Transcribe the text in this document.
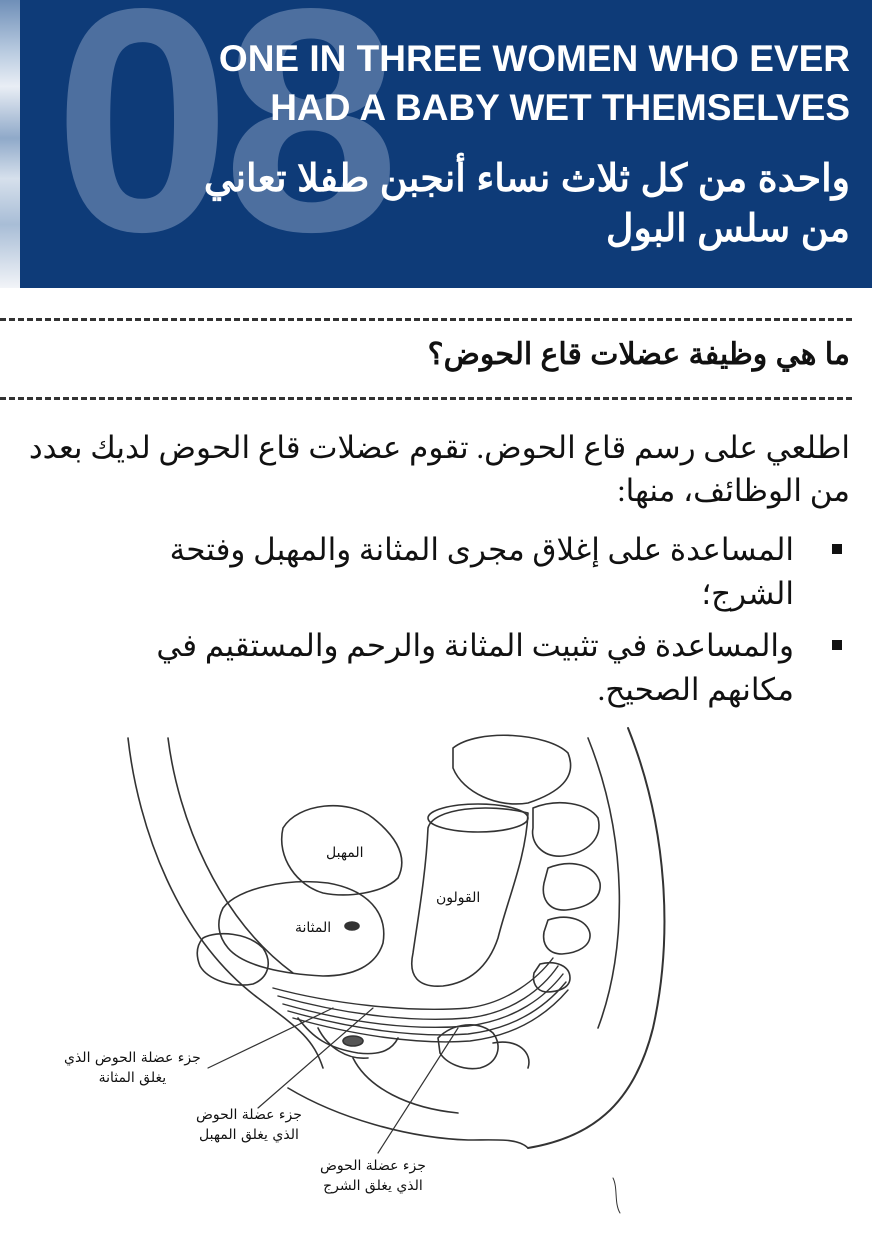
08
ONE IN THREE WOMEN WHO EVER
HAD A BABY WET THEMSELVES
واحدة من كل ثلاث نساء أنجبن طفلا تعاني
من سلس البول
ما هي وظيفة عضلات قاع الحوض؟
اطلعي على رسم قاع الحوض. تقوم عضلات قاع الحوض لديك بعدد من الوظائف، منها:
المساعدة على إغلاق مجرى المثانة والمهبل وفتحة الشرج؛
والمساعدة في تثبيت المثانة والرحم والمستقيم في مكانهم الصحيح.
المهبل
القولون
المثانة
جزء عضلة الحوض الذي
يغلق المثانة
جزء عضلة الحوض
الذي يغلق المهبل
جزء عضلة الحوض
الذي يغلق الشرج
